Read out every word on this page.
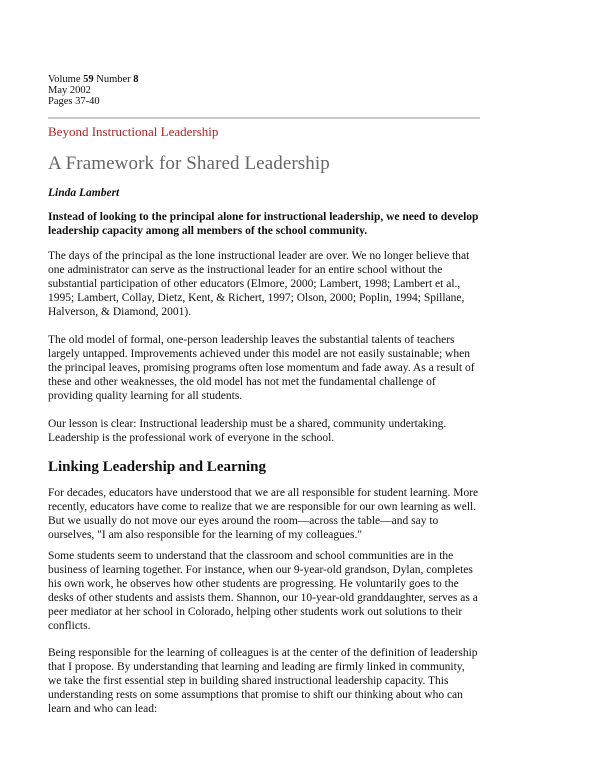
Volume 59 Number 8
May 2002
Pages 37-40
Beyond Instructional Leadership
A Framework for Shared Leadership
Linda Lambert
Instead of looking to the principal alone for instructional leadership, we need to develop leadership capacity among all members of the school community.

The days of the principal as the lone instructional leader are over. We no longer believe that one administrator can serve as the instructional leader for an entire school without the substantial participation of other educators (Elmore, 2000; Lambert, 1998; Lambert et al., 1995; Lambert, Collay, Dietz, Kent, & Richert, 1997; Olson, 2000; Poplin, 1994; Spillane, Halverson, & Diamond, 2001).

The old model of formal, one-person leadership leaves the substantial talents of teachers largely untapped. Improvements achieved under this model are not easily sustainable; when the principal leaves, promising programs often lose momentum and fade away. As a result of these and other weaknesses, the old model has not met the fundamental challenge of providing quality learning for all students.

Our lesson is clear: Instructional leadership must be a shared, community undertaking. Leadership is the professional work of everyone in the school.

Linking Leadership and Learning

For decades, educators have understood that we are all responsible for student learning. More recently, educators have come to realize that we are responsible for our own learning as well. But we usually do not move our eyes around the room—across the table—and say to ourselves, "I am also responsible for the learning of my colleagues."

Some students seem to understand that the classroom and school communities are in the business of learning together. For instance, when our 9-year-old grandson, Dylan, completes his own work, he observes how other students are progressing. He voluntarily goes to the desks of other students and assists them. Shannon, our 10-year-old granddaughter, serves as a peer mediator at her school in Colorado, helping other students work out solutions to their conflicts.

Being responsible for the learning of colleagues is at the center of the definition of leadership that I propose. By understanding that learning and leading are firmly linked in community, we take the first essential step in building shared instructional leadership capacity. This understanding rests on some assumptions that promise to shift our thinking about who can learn and who can lead:
